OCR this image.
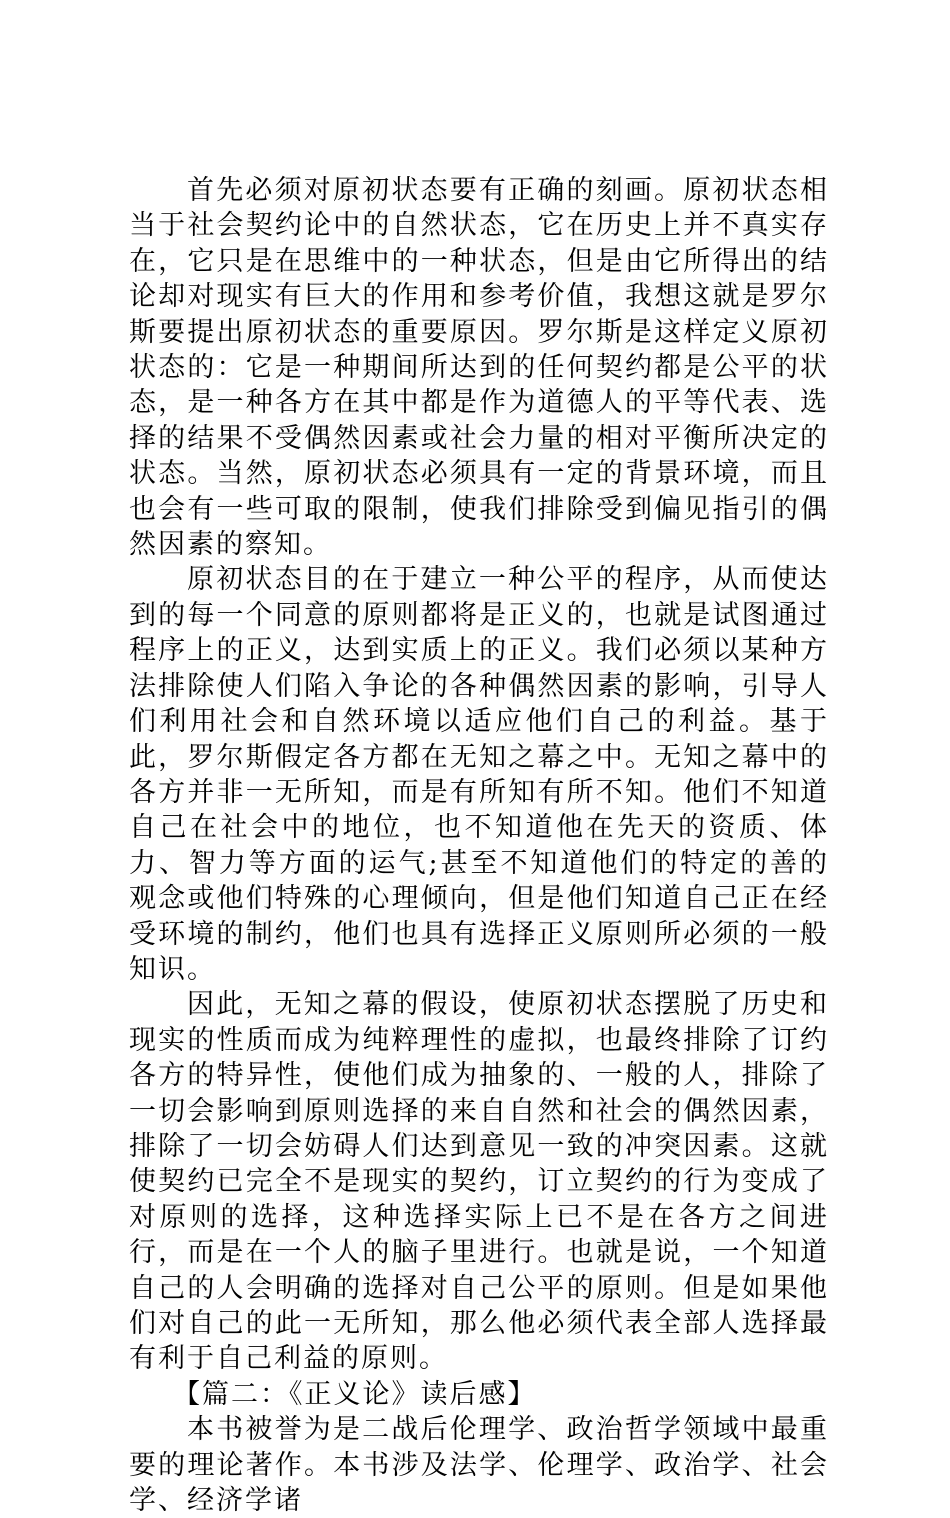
首先必须对原初状态要有正确的刻画。原初状态相当于社会契约论中的自然状态，它在历史上并不真实存在，它只是在思维中的一种状态，但是由它所得出的结论却对现实有巨大的作用和参考价值，我想这就是罗尔斯要提出原初状态的重要原因。罗尔斯是这样定义原初状态的：它是一种期间所达到的任何契约都是公平的状态，是一种各方在其中都是作为道德人的平等代表、选择的结果不受偶然因素或社会力量的相对平衡所决定的状态。当然，原初状态必须具有一定的背景环境，而且也会有一些可取的限制，使我们排除受到偏见指引的偶然因素的察知。

原初状态目的在于建立一种公平的程序，从而使达到的每一个同意的原则都将是正义的，也就是试图通过程序上的正义，达到实质上的正义。我们必须以某种方法排除使人们陷入争论的各种偶然因素的影响，引导人们利用社会和自然环境以适应他们自己的利益。基于此，罗尔斯假定各方都在无知之幕之中。无知之幕中的各方并非一无所知，而是有所知有所不知。他们不知道自己在社会中的地位，也不知道他在先天的资质、体力、智力等方面的运气;甚至不知道他们的特定的善的观念或他们特殊的心理倾向，但是他们知道自己正在经受环境的制约，他们也具有选择正义原则所必须的一般知识。

因此，无知之幕的假设，使原初状态摆脱了历史和现实的性质而成为纯粹理性的虚拟，也最终排除了订约各方的特异性，使他们成为抽象的、一般的人，排除了一切会影响到原则选择的来自自然和社会的偶然因素，排除了一切会妨碍人们达到意见一致的冲突因素。这就使契约已完全不是现实的契约，订立契约的行为变成了对原则的选择，这种选择实际上已不是在各方之间进行，而是在一个人的脑子里进行。也就是说，一个知道自己的人会明确的选择对自己公平的原则。但是如果他们对自己的此一无所知，那么他必须代表全部人选择最有利于自己利益的原则。

【篇二：《正义论》读后感】

本书被誉为是二战后伦理学、政治哲学领域中最重要的理论著作。本书涉及法学、伦理学、政治学、社会学、经济学诸
